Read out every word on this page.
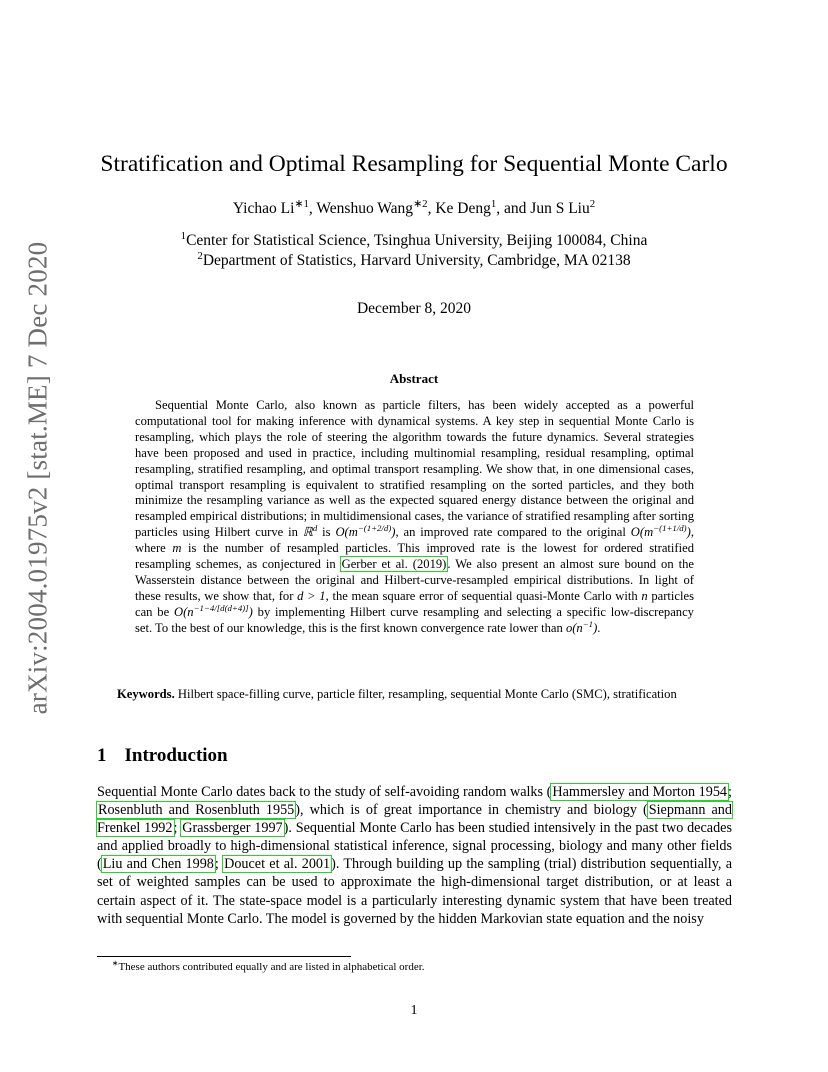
arXiv:2004.01975v2 [stat.ME] 7 Dec 2020
Stratification and Optimal Resampling for Sequential Monte Carlo
Yichao $Li^{∗1}$, Wenshuo Wang$^{∗2}$, Ke Deng$^1$, and Jun S Liu$^2$
$^1$Center for Statistical Science, Tsinghua University, Beijing 100084, China
$^2$Department of Statistics, Harvard University, Cambridge, MA 02138
December 8, 2020
Abstract

Sequential Monte Carlo, also known as particle filters, has been widely accepted as a powerful computational tool for making inference with dynamical systems. A key step in sequential Monte Carlo is resampling, which plays the role of steering the algorithm towards the future dynamics. Several strategies have been proposed and used in practice, including multinomial resampling, residual resampling, optimal resampling, stratified resampling, and optimal transport resampling. We show that, in one dimensional cases, optimal transport resampling is equivalent to stratified resampling on the sorted particles, and they both minimize the resampling variance as well as the expected squared energy distance between the original and resampled empirical distributions; in multidimensional cases, the variance of stratified resampling after sorting particles using Hilbert curve in ℝ$^d$ is $O(m^{-(1+2/d)})$, an improved rate compared to the original $O(m^{-(1+1/d)})$, where m is the number of resampled particles. This improved rate is the lowest for ordered stratified resampling schemes, as conjectured in Gerber et al. (2019). We also present an almost sure bound on the Wasserstein distance between the original and Hilbert-curve-resampled empirical distributions. In light of these results, we show that, for d > 1, the mean square error of sequential quasi-Monte Carlo with n particles can be $O(n^{-1-4/[d(d+4)]})$ by implementing Hilbert curve resampling and selecting a specific low-discrepancy set. To the best of our knowledge, this is the first known convergence rate lower than $o(n^{-1})$.

Keywords. Hilbert space-filling curve, particle filter, resampling, sequential Monte Carlo (SMC), stratification
1 Introduction

Sequential Monte Carlo dates back to the study of self-avoiding random walks (Hammersley and Morton 1954; Rosenbluth and Rosenbluth 1955), which is of great importance in chemistry and biology (Siepmann and Frenkel 1992; Grassberger 1997). Sequential Monte Carlo has been studied intensively in the past two decades and applied broadly to high-dimensional statistical inference, signal processing, biology and many other fields (Liu and Chen 1998; Doucet et al. 2001). Through building up the sampling (trial) distribution sequentially, a set of weighted samples can be used to approximate the high-dimensional target distribution, or at least a certain aspect of it. The state-space model is a particularly interesting dynamic system that have been treated with sequential Monte Carlo. The model is governed by the hidden Markovian state equation and the noisy

∗These authors contributed equally and are listed in alphabetical order.
1
